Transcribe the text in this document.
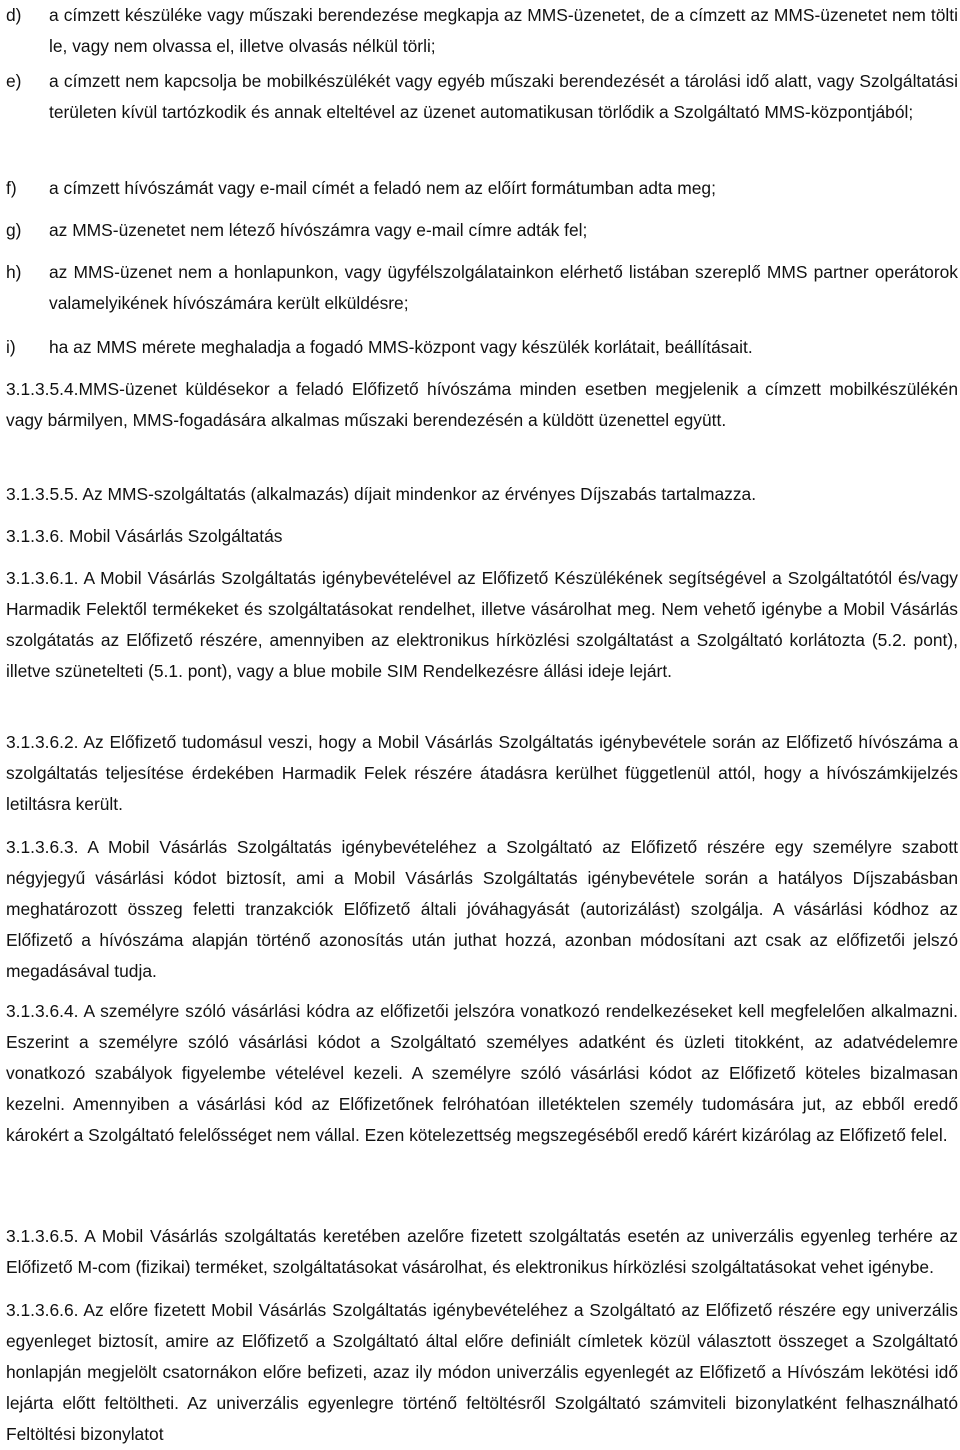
d)	a címzett készüléke vagy műszaki berendezése megkapja az MMS-üzenetet, de a címzett az MMS-üzenetet nem tölti le, vagy nem olvassa el, illetve olvasás nélkül törli;
e)	a címzett nem kapcsolja be mobilkészülékét vagy egyéb műszaki berendezését a tárolási idő alatt, vagy Szolgáltatási területen kívül tartózkodik és annak elteltével az üzenet automatikusan törlődik a Szolgáltató MMS-központjából;
f)	a címzett hívószámát vagy e-mail címét a feladó nem az előírt formátumban adta meg;
g)	az MMS-üzenetet nem létező hívószámra vagy e-mail címre adták fel;
h)	az MMS-üzenet nem a honlapunkon, vagy ügyfélszolgálatainkon elérhető listában szereplő MMS partner operátorok valamelyikének hívószámára került elküldésre;
i)	ha az MMS mérete meghaladja a fogadó MMS-központ vagy készülék korlátait, beállításait.
3.1.3.5.4.MMS-üzenet küldésekor a feladó Előfizető hívószáma minden esetben megjelenik a címzett mobilkészülékén vagy bármilyen, MMS-fogadására alkalmas műszaki berendezésén a küldött üzenettel együtt.
3.1.3.5.5. Az MMS-szolgáltatás (alkalmazás) díjait mindenkor az érvényes Díjszabás tartalmazza.
3.1.3.6. Mobil Vásárlás Szolgáltatás
3.1.3.6.1. A Mobil Vásárlás Szolgáltatás igénybevételével az Előfizető Készülékének segítségével a Szolgáltatótól és/vagy Harmadik Felektől termékeket és szolgáltatásokat rendelhet, illetve vásárolhat meg. Nem vehető igénybe a Mobil Vásárlás szolgátatás az Előfizető részére, amennyiben az elektronikus hírközlési szolgáltatást a Szolgáltató korlátozta (5.2. pont), illetve szünetelteti (5.1. pont), vagy a blue mobile SIM Rendelkezésre állási ideje lejárt.
3.1.3.6.2. Az Előfizető tudomásul veszi, hogy a Mobil Vásárlás Szolgáltatás igénybevétele során az Előfizető hívószáma a szolgáltatás teljesítése érdekében Harmadik Felek részére átadásra kerülhet függetlenül attól, hogy a hívószámkijelzés letiltásra került.
3.1.3.6.3. A Mobil Vásárlás Szolgáltatás igénybevételéhez a Szolgáltató az Előfizető részére egy személyre szabott négyjegyű vásárlási kódot biztosít, ami a Mobil Vásárlás Szolgáltatás igénybevétele során a hatályos Díjszabásban meghatározott összeg feletti tranzakciók Előfizető általi jóváhagyását (autorizálást) szolgálja. A vásárlási kódhoz az Előfizető a hívószáma alapján történő azonosítás után juthat hozzá, azonban módosítani azt csak az előfizetői jelszó megadásával tudja.
3.1.3.6.4. A személyre szóló vásárlási kódra az előfizetői jelszóra vonatkozó rendelkezéseket kell megfelelően alkalmazni. Eszerint a személyre szóló vásárlási kódot a Szolgáltató személyes adatként és üzleti titokként, az adatvédelemre vonatkozó szabályok figyelembe vételével kezeli. A személyre szóló vásárlási kódot az Előfizető köteles bizalmasan kezelni. Amennyiben a vásárlási kód az Előfizetőnek felróhatóan illetéktelen személy tudomására jut, az ebből eredő károkért a Szolgáltató felelősséget nem vállal. Ezen kötelezettség megszegéséből eredő kárért kizárólag az Előfizető felel.
3.1.3.6.5. A Mobil Vásárlás szolgáltatás keretében azelőre fizetett szolgáltatás esetén az univerzális egyenleg terhére az Előfizető M-com (fizikai) terméket, szolgáltatásokat vásárolhat, és elektronikus hírközlési szolgáltatásokat vehet igénybe.
3.1.3.6.6. Az előre fizetett Mobil Vásárlás Szolgáltatás igénybevételéhez a Szolgáltató az Előfizető részére egy univerzális egyenleget biztosít, amire az Előfizető a Szolgáltató által előre definiált címletek közül választott összeget a Szolgáltató honlapján megjelölt csatornákon előre befizeti, azaz ily módon univerzális egyenlegét az Előfizető a Hívószám lekötési idő lejárta előtt feltöltheti. Az univerzális egyenlegre történő feltöltésről Szolgáltató számviteli bizonylatként felhasználható Feltöltési bizonylatot
